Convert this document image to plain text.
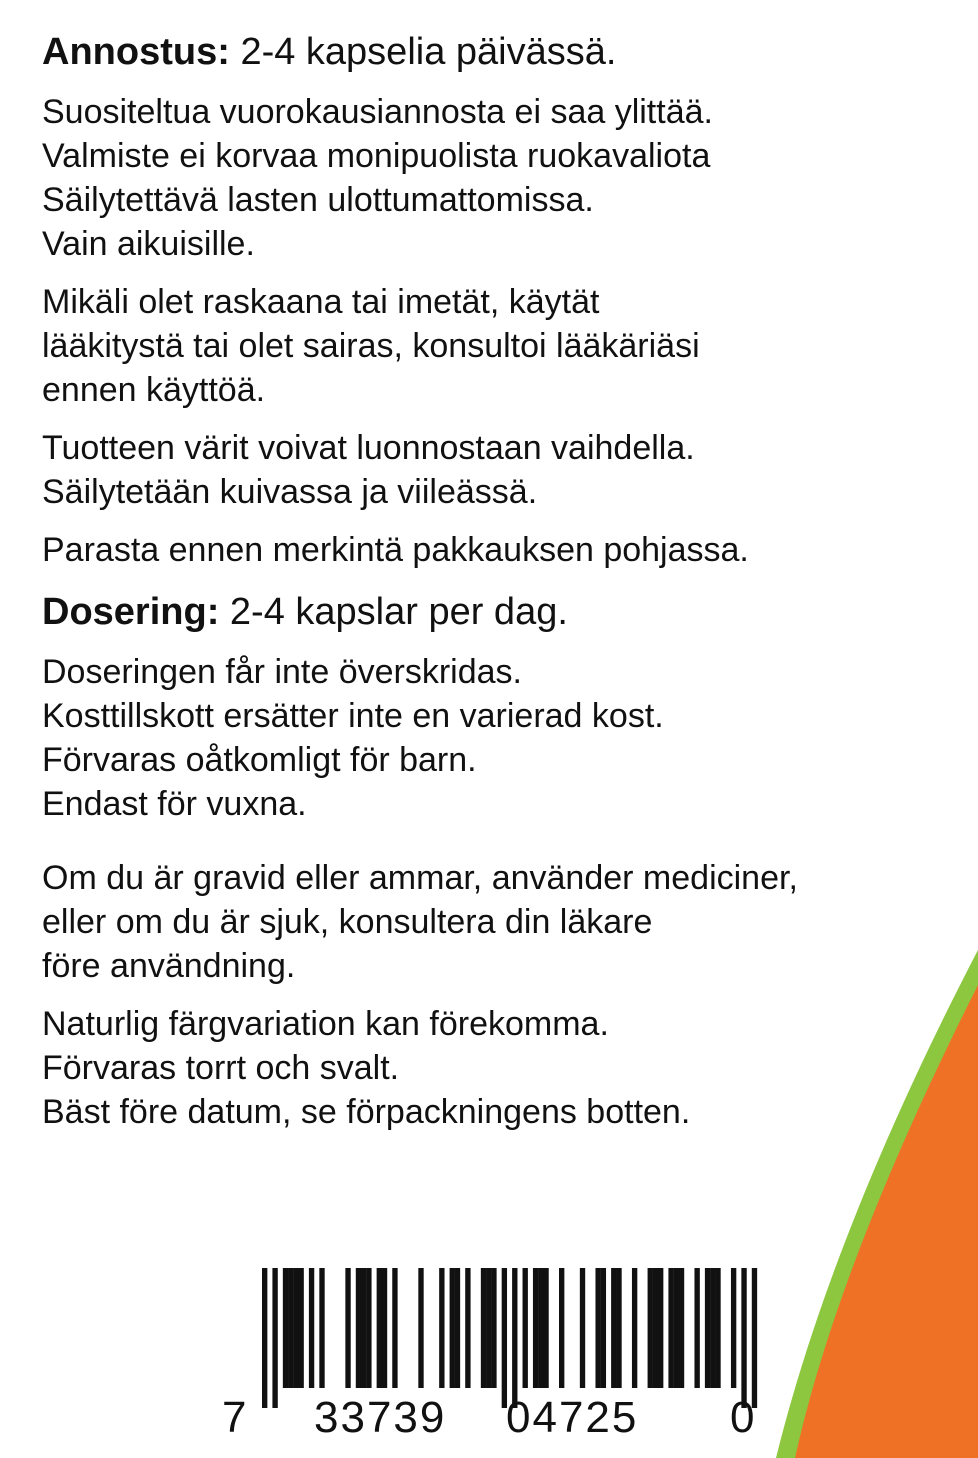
Annostus: 2-4 kapselia päivässä.
Suositeltua vuorokausiannosta ei saa ylittää.
Valmiste ei korvaa monipuolista ruokavaliota
Säilytettävä lasten ulottumattomissa.
Vain aikuisille.
Mikäli olet raskaana tai imetät, käytät
lääkitystä tai olet sairas, konsultoi lääkäriäsi
ennen käyttöä.
Tuotteen värit voivat luonnostaan vaihdella.
Säilytetään kuivassa ja viileässä.
Parasta ennen merkintä pakkauksen pohjassa.
Dosering: 2-4 kapslar per dag.
Doseringen får inte överskridas.
Kosttillskott ersätter inte en varierad kost.
Förvaras oåtkomligt för barn.
Endast för vuxna.
Om du är gravid eller ammar, använder mediciner,
eller om du är sjuk, konsultera din läkare
före användning.
Naturlig färgvariation kan förekomma.
Förvaras torrt och svalt.
Bäst före datum, se förpackningens botten.
7 33739 04725 0
